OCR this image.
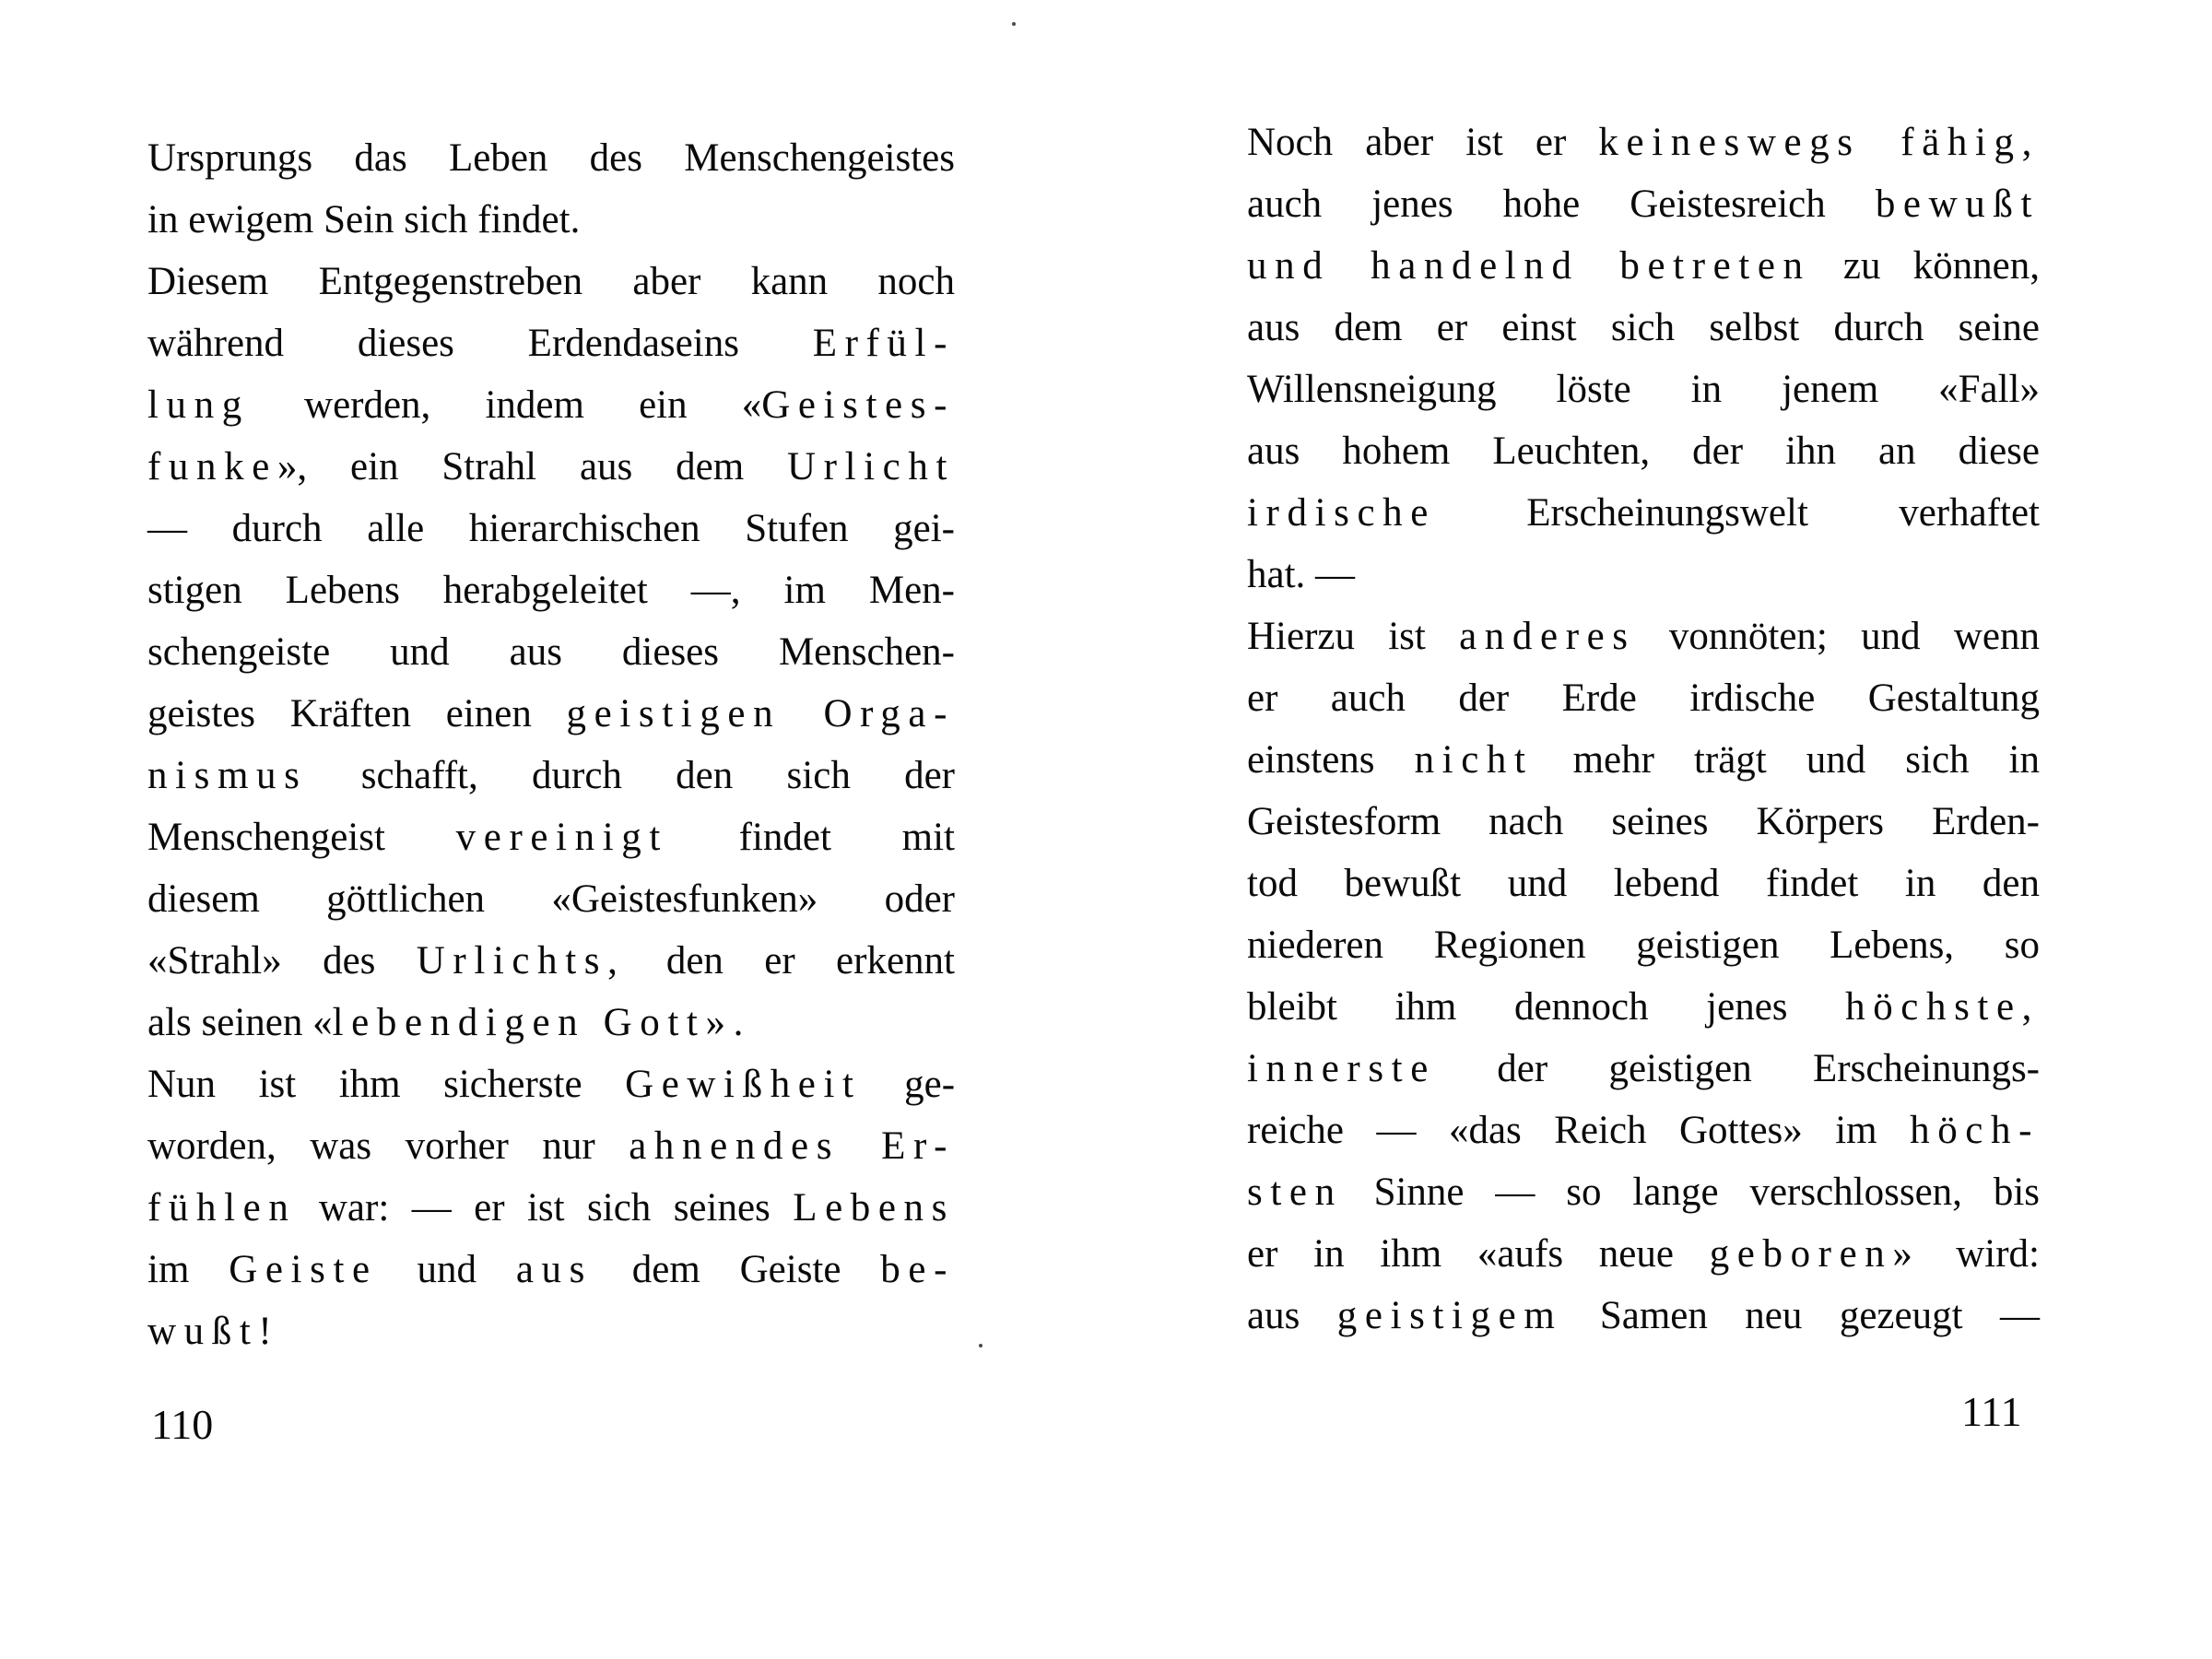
Ursprungs das Leben des Menschengeistes
in ewigem Sein sich findet.
Diesem Entgegenstreben aber kann noch
während dieses Erdendaseins Erfül-
lung werden, indem ein «Geistes-
funke», ein Strahl aus dem Urlicht
— durch alle hierarchischen Stufen gei-
stigen Lebens herabgeleitet —, im Men-
schengeiste und aus dieses Menschen-
geistes Kräften einen geistigen Orga-
nismus schafft, durch den sich der
Menschengeist vereinigt findet mit
diesem göttlichen «Geistesfunken» oder
«Strahl» des Urlichts, den er erkennt
als seinen «lebendigen Gott».
Nun ist ihm sicherste Gewißheit ge-
worden, was vorher nur ahnendes Er-
fühlen war: — er ist sich seines Lebens
im Geiste und aus dem Geiste be-
wußt!
Noch aber ist er keineswegs fähig,
auch jenes hohe Geistesreich bewußt
und handelnd betreten zu können,
aus dem er einst sich selbst durch seine
Willensneigung löste in jenem «Fall»
aus hohem Leuchten, der ihn an diese
irdische Erscheinungswelt verhaftet
hat. —
Hierzu ist anderes vonnöten; und wenn
er auch der Erde irdische Gestaltung
einstens nicht mehr trägt und sich in
Geistesform nach seines Körpers Erden-
tod bewußt und lebend findet in den
niederen Regionen geistigen Lebens, so
bleibt ihm dennoch jenes höchste,
innerste der geistigen Erscheinungs-
reiche — «das Reich Gottes» im höch-
sten Sinne — so lange verschlossen, bis
er in ihm «aufs neue geboren» wird:
aus geistigem Samen neu gezeugt —
110	111
